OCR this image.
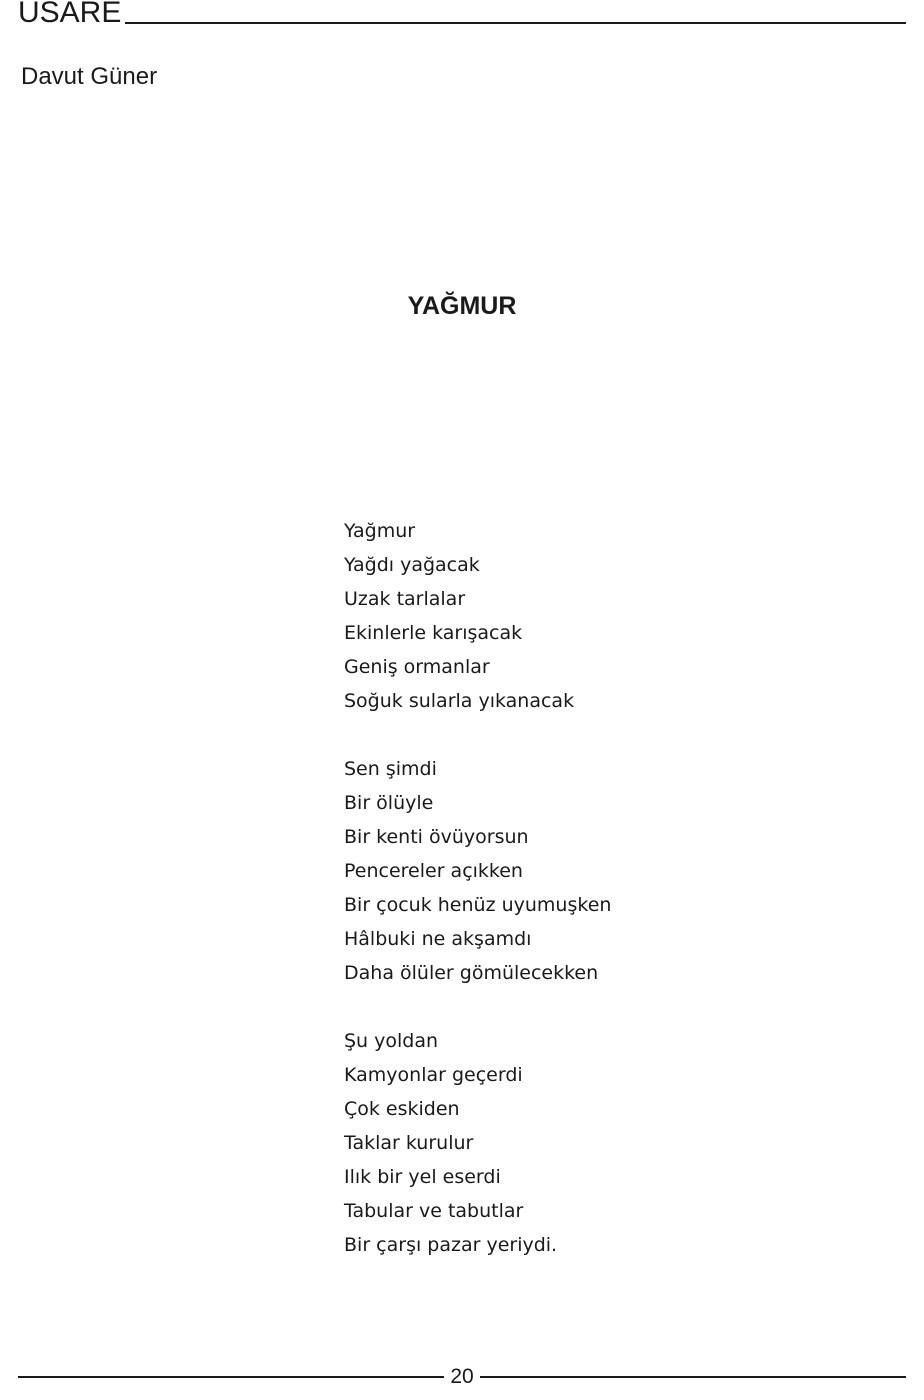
USARE
Davut Güner
YAĞMUR
Yağmur
Yağdı yağacak
Uzak tarlalar
Ekinlerle karışacak
Geniş ormanlar
Soğuk sularla yıkanacak
Sen şimdi
Bir ölüyle
Bir kenti övüyorsun
Pencereler açıkken
Bir çocuk henüz uyumuşken
Hâlbuki ne akşamdı
Daha ölüler gömülecekken
Şu yoldan
Kamyonlar geçerdi
Çok eskiden
Taklar kurulur
Ilık bir yel eserdi
Tabular ve tabutlar
Bir çarşı pazar yeriydi.
20
